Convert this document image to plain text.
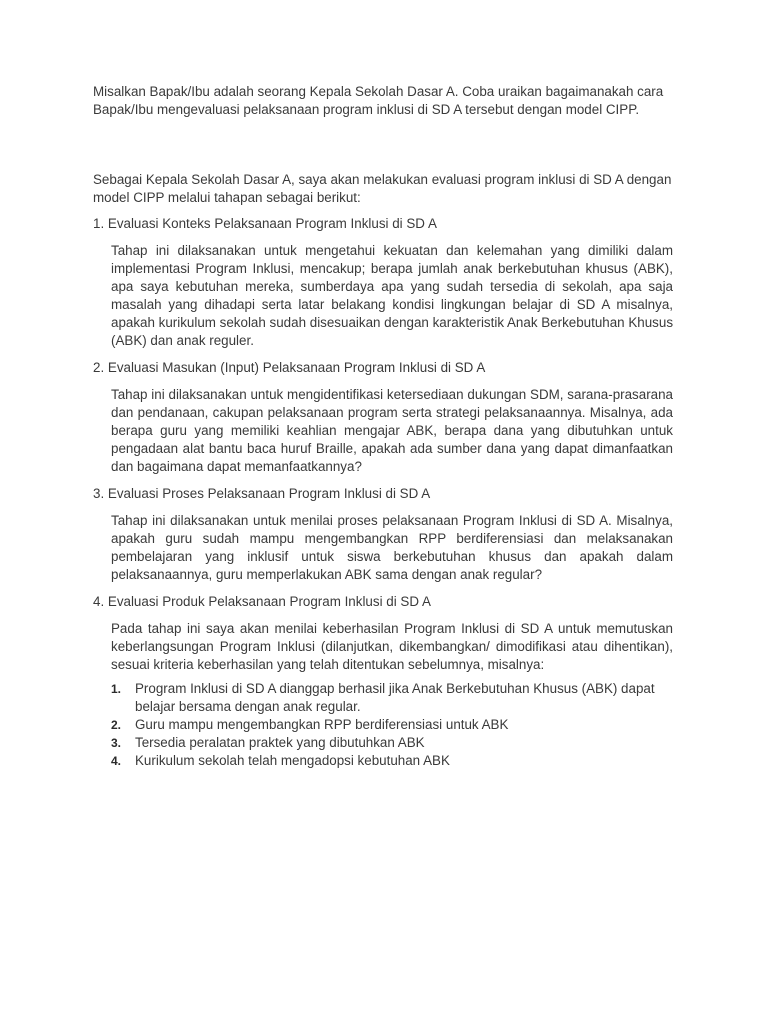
Misalkan Bapak/Ibu adalah seorang Kepala Sekolah Dasar A. Coba uraikan bagaimanakah cara Bapak/Ibu mengevaluasi pelaksanaan program inklusi di SD A tersebut dengan model CIPP.

Sebagai Kepala Sekolah Dasar A, saya akan melakukan evaluasi program inklusi di SD A dengan model CIPP melalui tahapan sebagai berikut:

1. Evaluasi Konteks Pelaksanaan Program Inklusi di SD A

Tahap ini dilaksanakan untuk mengetahui kekuatan dan kelemahan yang dimiliki dalam implementasi Program Inklusi, mencakup; berapa jumlah anak berkebutuhan khusus (ABK), apa saya kebutuhan mereka, sumberdaya apa yang sudah tersedia di sekolah, apa saja masalah yang dihadapi serta latar belakang kondisi lingkungan belajar di SD A misalnya, apakah kurikulum sekolah sudah disesuaikan dengan karakteristik Anak Berkebutuhan Khusus (ABK) dan anak reguler.

2. Evaluasi Masukan (Input) Pelaksanaan Program Inklusi di SD A

Tahap ini dilaksanakan untuk mengidentifikasi ketersediaan dukungan SDM, sarana-prasarana dan pendanaan, cakupan pelaksanaan program serta strategi pelaksanaannya. Misalnya, ada berapa guru yang memiliki keahlian mengajar ABK, berapa dana yang dibutuhkan untuk pengadaan alat bantu baca huruf Braille, apakah ada sumber dana yang dapat dimanfaatkan dan bagaimana dapat memanfaatkannya?

3. Evaluasi Proses Pelaksanaan Program Inklusi di SD A

Tahap ini dilaksanakan untuk menilai proses pelaksanaan Program Inklusi di SD A. Misalnya, apakah guru sudah mampu mengembangkan RPP berdiferensiasi dan melaksanakan pembelajaran yang inklusif untuk siswa berkebutuhan khusus dan apakah dalam pelaksanaannya, guru memperlakukan ABK sama dengan anak regular?

4. Evaluasi Produk Pelaksanaan Program Inklusi di SD A

Pada tahap ini saya akan menilai keberhasilan Program Inklusi di SD A untuk memutuskan keberlangsungan Program Inklusi (dilanjutkan, dikembangkan/ dimodifikasi atau dihentikan), sesuai kriteria keberhasilan yang telah ditentukan sebelumnya, misalnya:

1.	Program Inklusi di SD A dianggap berhasil jika Anak Berkebutuhan Khusus (ABK) dapat belajar bersama dengan anak regular.
2.	Guru mampu mengembangkan RPP berdiferensiasi untuk ABK
3.	Tersedia peralatan praktek yang dibutuhkan ABK
4.	Kurikulum sekolah telah mengadopsi kebutuhan ABK
